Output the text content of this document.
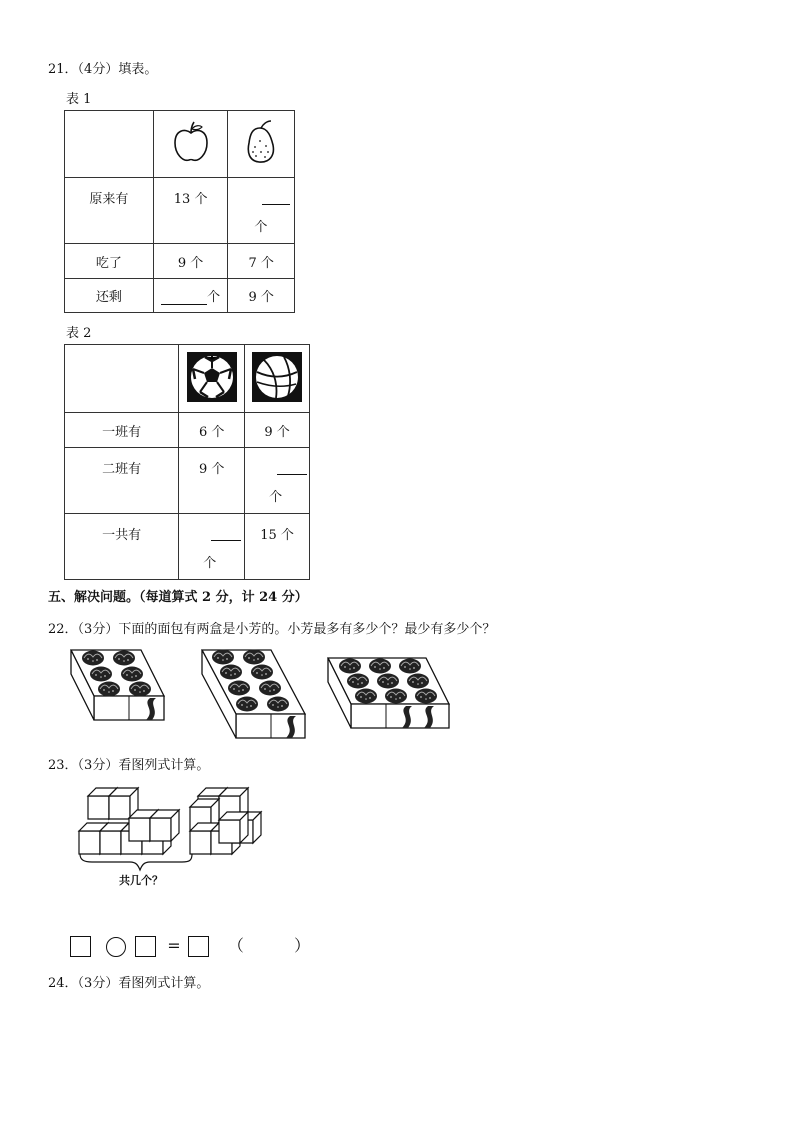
21．（4分）填表。
表 1

原来有	13 个	个

吃了	9 个	7 个
还剩	个	9 个
表 2

一班有	6 个	9 个
二班有	9 个	个

一共有	个	15 个
五、解决问题。（每道算式 2 分，计 24 分）
22．（3分）下面的面包有两盒是小芳的。小芳最多有多少个？最少有多少个？
23．（3分）看图列式计算。
共几个？
=	（	）
24．（3分）看图列式计算。
